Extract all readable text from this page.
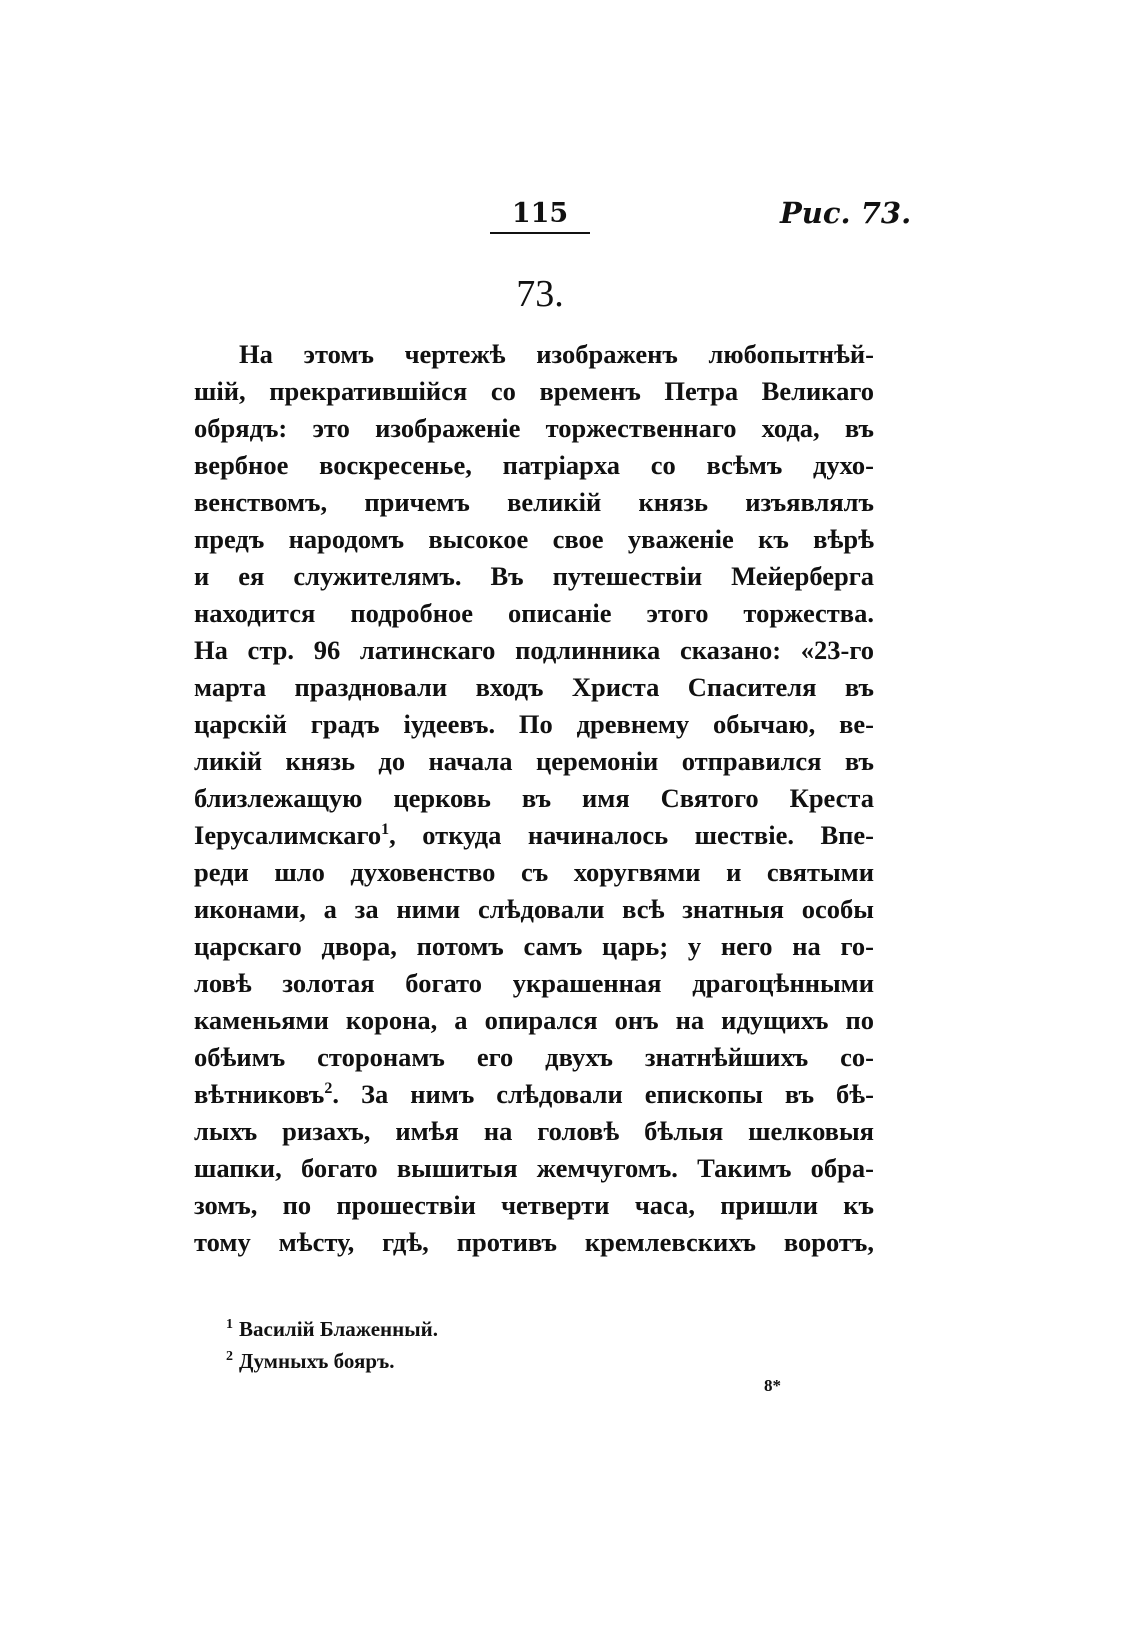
115	Рис. 73.
73.
На этомъ чертежѣ изображенъ любопытнѣй-
шій, прекратившійся со временъ Петра Великаго
обрядъ: это изображеніе торжественнаго хода, въ
вербное воскресенье, патріарха со всѣмъ духо-
венствомъ, причемъ великій князь изъявлялъ
предъ народомъ высокое свое уваженіе къ вѣрѣ
и ея служителямъ. Въ путешествіи Мейерберга
находится подробное описаніе этого торжества.
На стр. 96 латинскаго подлинника сказано: «23-го
марта праздновали входъ Христа Спасителя въ
царскій градъ іудеевъ. По древнему обычаю, ве-
ликій князь до начала церемоніи отправился въ
близлежащую церковь въ имя Святого Креста
Іерусалимскаго$^1$, откуда начиналось шествіе. Впе-
реди шло духовенство съ хоругвями и святыми
иконами, а за ними слѣдовали всѣ знатныя особы
царскаго двора, потомъ самъ царь; у него на го-
ловѣ золотая богато украшенная драгоцѣнными
каменьями корона, а опирался онъ на идущихъ по
обѣимъ сторонамъ его двухъ знатнѣйшихъ со-
вѣтниковъ$^2$. За нимъ слѣдовали епископы въ бѣ-
лыхъ ризахъ, имѣя на головѣ бѣлыя шелковыя
шапки, богато вышитыя жемчугомъ. Такимъ обра-
зомъ, по прошествіи четверти часа, пришли къ
тому мѣсту, гдѣ, противъ кремлевскихъ воротъ,
$^1$ Василій Блаженный.
$^2$ Думныхъ бояръ.
8*
